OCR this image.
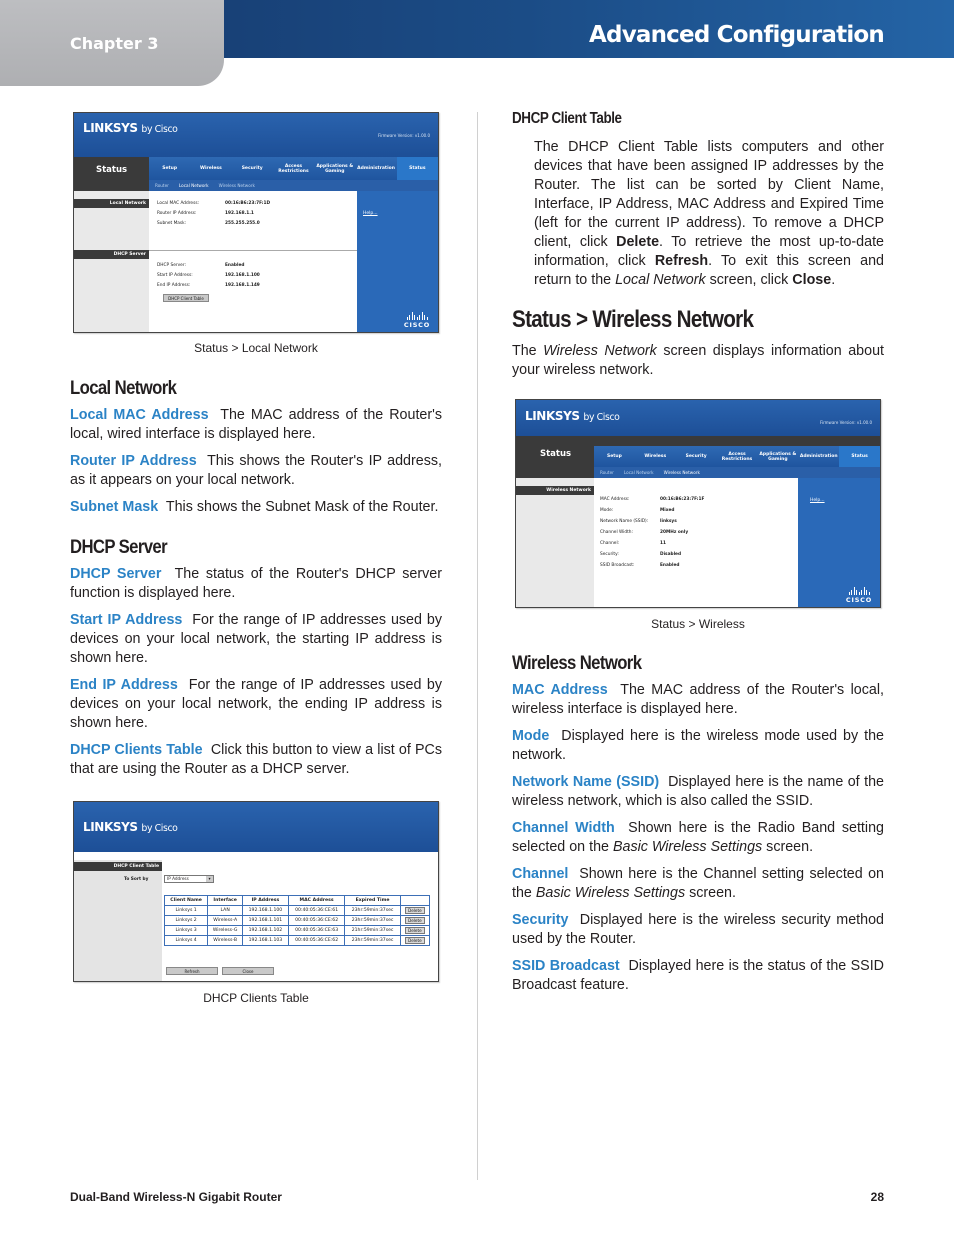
Chapter 3	Advanced Configuration
LINKSYS by Cisco
Firmware Version: v1.00.0
Status	Setup	Wireless	Security	Access Restrictions
Applications & Gaming	Administration	Status
Router Local Network Wireless Network
Local Network
DHCP Server
Local MAC Address:	00:16:B6:23:7F:1D
Router IP Address:	192.168.1.1
Subnet Mask:	255.255.255.0
DHCP Server:	Enabled
Start IP Address:	192.168.1.100
End IP Address:	192.168.1.149
DHCP Client Table
Help...
CISCO
Status > Local Network
Local Network

Local MAC Address The MAC address of the Router's local, wired interface is displayed here.

Router IP Address This shows the Router's IP address, as it appears on your local network.

Subnet Mask This shows the Subnet Mask of the Router.

DHCP Server

DHCP Server The status of the Router's DHCP server function is displayed here.

Start IP Address For the range of IP addresses used by devices on your local network, the starting IP address is shown here.

End IP Address For the range of IP addresses used by devices on your local network, the ending IP address is shown here.

DHCP Clients Table Click this button to view a list of PCs that are using the Router as a DHCP server.

LINKSYS by Cisco
DHCP Client Table
To Sort by	IP Address	▾
Client Name	Interface	IP Address	MAC Address	Expired Time	
Linksys 1	LAN	192.168.1.100	00:40:05:36:CE:61	23hr:59min:37sec	Delete
Linksys 2	Wireless-A	192.168.1.101	00:40:05:36:CE:62	23hr:59min:37sec	Delete
Linksys 3	Wireless-G	192.168.1.102	00:40:05:36:CE:63	21hr:59min:37sec	Delete
Linksys 4	Wireless-B	192.168.1.103	00:40:05:36:CE:62	23hr:59min:37sec	Delete
Refresh	Close
DHCP Clients Table
DHCP Client Table

The DHCP Client Table lists computers and other devices that have been assigned IP addresses by the Router. The list can be sorted by Client Name, Interface, IP Address, MAC Address and Expired Time (left for the current IP address). To remove a DHCP client, click Delete. To retrieve the most up-to-date information, click Refresh. To exit this screen and return to the Local Network screen, click Close.

Status > Wireless Network

The Wireless Network screen displays information about your wireless network.

LINKSYS by Cisco	Firmware Version: v1.00.0
Status	Setup	Wireless	Security	Access Restrictions
Applications & Gaming	Administration	Status
Router Local Network Wireless Network
Wireless Network
MAC Address:	00:16:B6:23:7F:1F
Mode:	Mixed
Network Name (SSID):	linksys
Channel Width:	20MHz only
Channel:	11
Security:	Disabled
SSID Broadcast:	Enabled
Help...
CISCO
Status > Wireless
Wireless Network

MAC Address The MAC address of the Router's local, wireless interface is displayed here.

Mode Displayed here is the wireless mode used by the network.

Network Name (SSID) Displayed here is the name of the wireless network, which is also called the SSID.

Channel Width Shown here is the Radio Band setting selected on the Basic Wireless Settings screen.

Channel Shown here is the Channel setting selected on the Basic Wireless Settings screen.

Security Displayed here is the wireless security method used by the Router.

SSID Broadcast Displayed here is the status of the SSID Broadcast feature.

Dual-Band Wireless-N Gigabit Router	28
